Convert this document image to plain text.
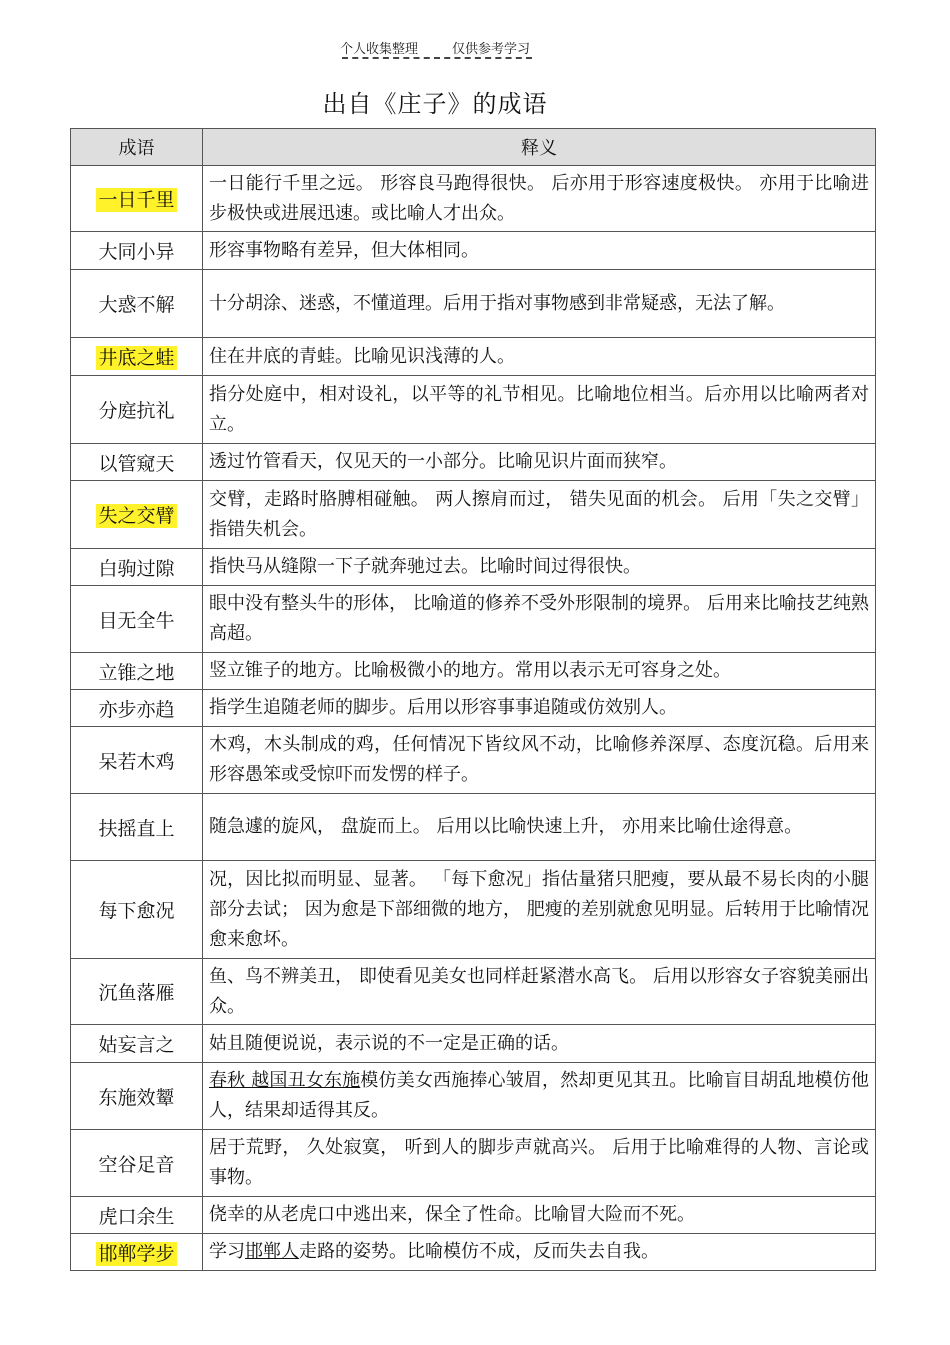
个人收集整理	仅供参考学习
出自《庄子》的成语
成语	释义
一日千里	一日能行千里之远。 形容良马跑得很快。 后亦用于形容速度极快。 亦用于比喻进步极快或进展迅速。或比喻人才出众。
大同小异	形容事物略有差异，但大体相同。
大惑不解	十分胡涂、迷惑，不懂道理。后用于指对事物感到非常疑惑，无法了解。
井底之蛙	住在井底的青蛙。比喻见识浅薄的人。
分庭抗礼	指分处庭中，相对设礼，以平等的礼节相见。比喻地位相当。后亦用以比喻两者对立。
以管窥天	透过竹管看天，仅见天的一小部分。比喻见识片面而狭窄。
失之交臂	交臂，走路时胳膊相碰触。 两人擦肩而过， 错失见面的机会。 后用「失之交臂」指错失机会。
白驹过隙	指快马从缝隙一下子就奔驰过去。比喻时间过得很快。
目无全牛	眼中没有整头牛的形体， 比喻道的修养不受外形限制的境界。 后用来比喻技艺纯熟高超。
立锥之地	竖立锥子的地方。比喻极微小的地方。常用以表示无可容身之处。
亦步亦趋	指学生追随老师的脚步。后用以形容事事追随或仿效别人。
呆若木鸡	木鸡，木头制成的鸡，任何情况下皆纹风不动，比喻修养深厚、态度沉稳。后用来形容愚笨或受惊吓而发愣的样子。
扶摇直上	随急遽的旋风， 盘旋而上。 后用以比喻快速上升， 亦用来比喻仕途得意。
每下愈况	况，因比拟而明显、显著。 「每下愈况」指估量猪只肥瘦，要从最不易长肉的小腿部分去试； 因为愈是下部细微的地方， 肥瘦的差别就愈见明显。后转用于比喻情况愈来愈坏。
沉鱼落雁	鱼、鸟不辨美丑， 即使看见美女也同样赶紧潜水高飞。 后用以形容女子容貌美丽出众。
姑妄言之	姑且随便说说，表示说的不一定是正确的话。
东施效颦	春秋 越国丑女东施模仿美女西施捧心皱眉，然却更见其丑。比喻盲目胡乱地模仿他人，结果却适得其反。
空谷足音	居于荒野， 久处寂寞， 听到人的脚步声就高兴。 后用于比喻难得的人物、言论或事物。
虎口余生	侥幸的从老虎口中逃出来，保全了性命。比喻冒大险而不死。
邯郸学步	学习邯郸人走路的姿势。比喻模仿不成，反而失去自我。
